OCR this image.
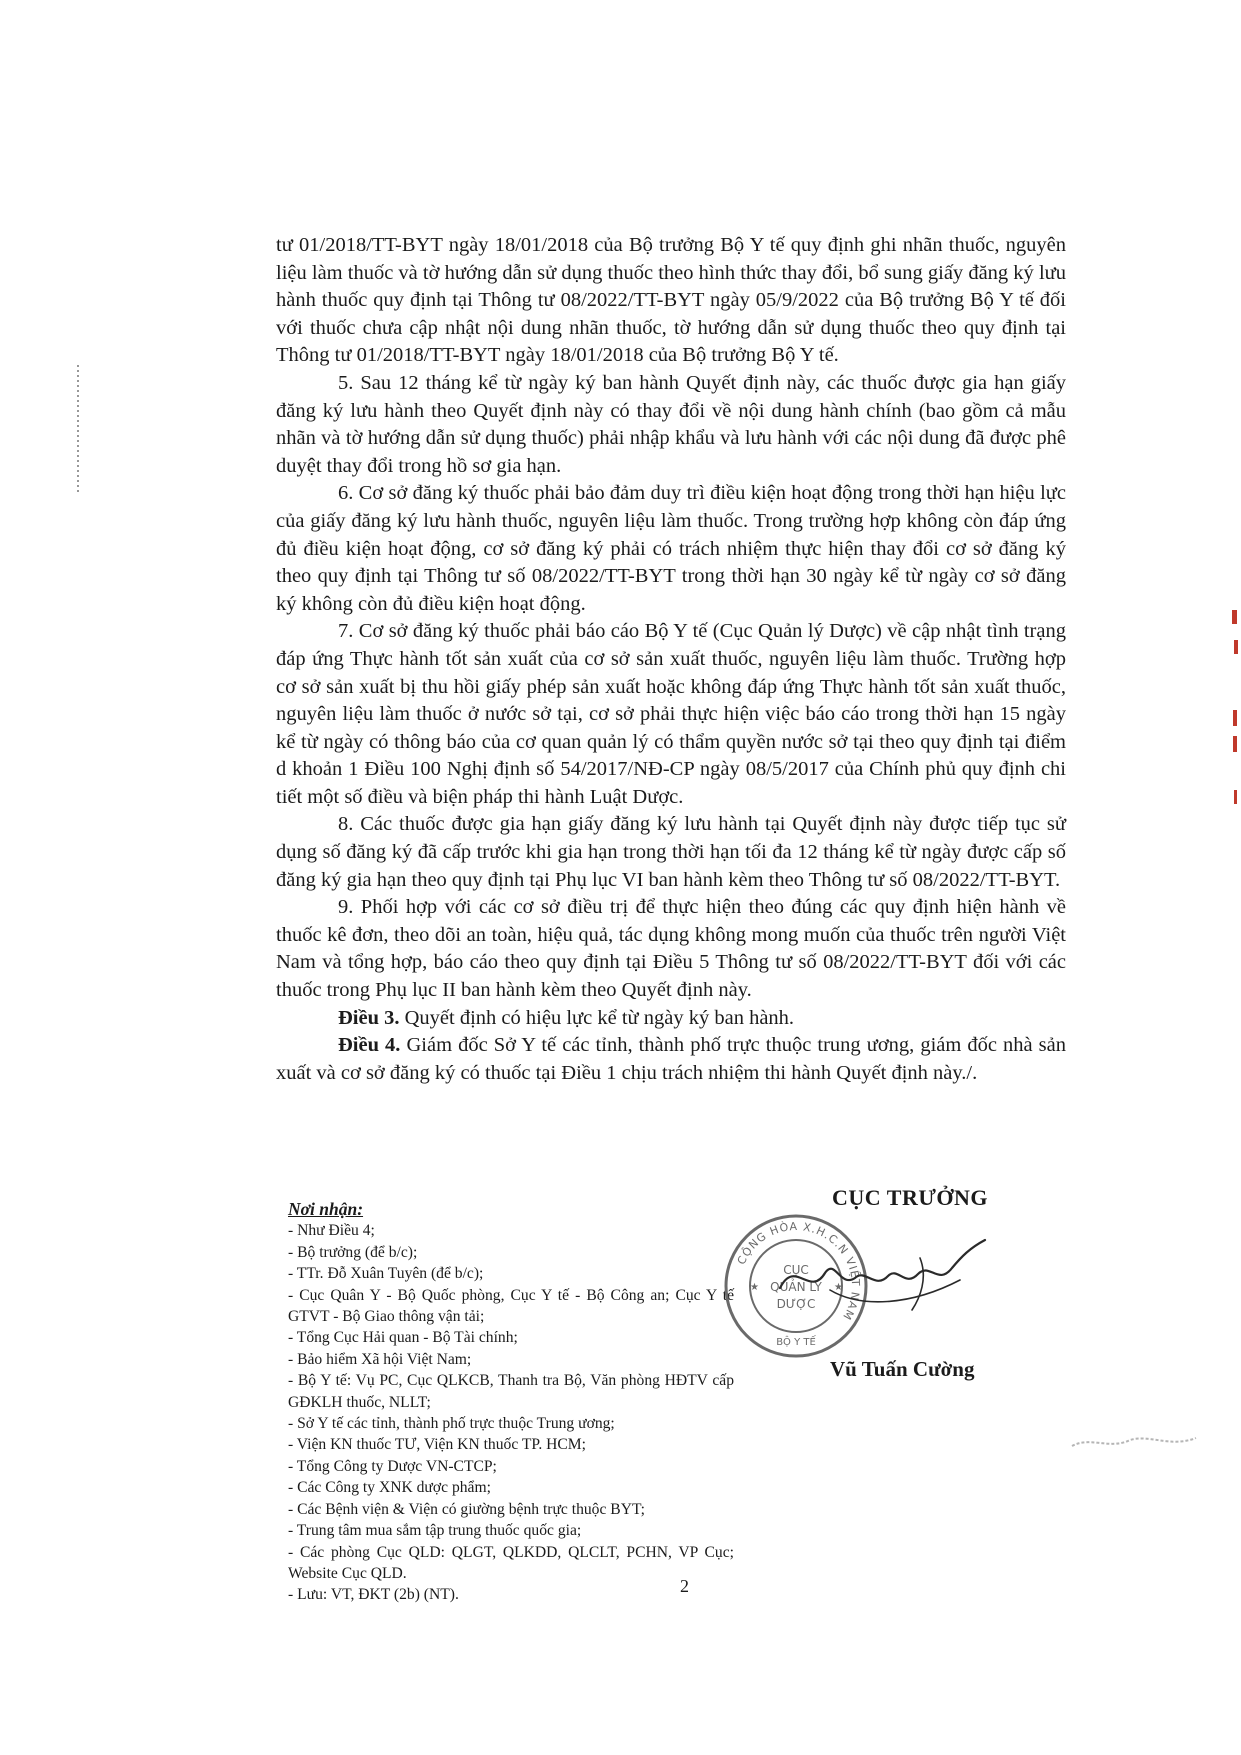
tư 01/2018/TT-BYT ngày 18/01/2018 của Bộ trưởng Bộ Y tế quy định ghi nhãn thuốc, nguyên liệu làm thuốc và tờ hướng dẫn sử dụng thuốc theo hình thức thay đổi, bổ sung giấy đăng ký lưu hành thuốc quy định tại Thông tư 08/2022/TT-BYT ngày 05/9/2022 của Bộ trưởng Bộ Y tế đối với thuốc chưa cập nhật nội dung nhãn thuốc, tờ hướng dẫn sử dụng thuốc theo quy định tại Thông tư 01/2018/TT-BYT ngày 18/01/2018 của Bộ trưởng Bộ Y tế.

5. Sau 12 tháng kể từ ngày ký ban hành Quyết định này, các thuốc được gia hạn giấy đăng ký lưu hành theo Quyết định này có thay đổi về nội dung hành chính (bao gồm cả mẫu nhãn và tờ hướng dẫn sử dụng thuốc) phải nhập khẩu và lưu hành với các nội dung đã được phê duyệt thay đổi trong hồ sơ gia hạn.

6. Cơ sở đăng ký thuốc phải bảo đảm duy trì điều kiện hoạt động trong thời hạn hiệu lực của giấy đăng ký lưu hành thuốc, nguyên liệu làm thuốc. Trong trường hợp không còn đáp ứng đủ điều kiện hoạt động, cơ sở đăng ký phải có trách nhiệm thực hiện thay đổi cơ sở đăng ký theo quy định tại Thông tư số 08/2022/TT-BYT trong thời hạn 30 ngày kể từ ngày cơ sở đăng ký không còn đủ điều kiện hoạt động.

7. Cơ sở đăng ký thuốc phải báo cáo Bộ Y tế (Cục Quản lý Dược) về cập nhật tình trạng đáp ứng Thực hành tốt sản xuất của cơ sở sản xuất thuốc, nguyên liệu làm thuốc. Trường hợp cơ sở sản xuất bị thu hồi giấy phép sản xuất hoặc không đáp ứng Thực hành tốt sản xuất thuốc, nguyên liệu làm thuốc ở nước sở tại, cơ sở phải thực hiện việc báo cáo trong thời hạn 15 ngày kể từ ngày có thông báo của cơ quan quản lý có thẩm quyền nước sở tại theo quy định tại điểm d khoản 1 Điều 100 Nghị định số 54/2017/NĐ-CP ngày 08/5/2017 của Chính phủ quy định chi tiết một số điều và biện pháp thi hành Luật Dược.

8. Các thuốc được gia hạn giấy đăng ký lưu hành tại Quyết định này được tiếp tục sử dụng số đăng ký đã cấp trước khi gia hạn trong thời hạn tối đa 12 tháng kể từ ngày được cấp số đăng ký gia hạn theo quy định tại Phụ lục VI ban hành kèm theo Thông tư số 08/2022/TT-BYT.

9. Phối hợp với các cơ sở điều trị để thực hiện theo đúng các quy định hiện hành về thuốc kê đơn, theo dõi an toàn, hiệu quả, tác dụng không mong muốn của thuốc trên người Việt Nam và tổng hợp, báo cáo theo quy định tại Điều 5 Thông tư số 08/2022/TT-BYT đối với các thuốc trong Phụ lục II ban hành kèm theo Quyết định này.

Điều 3. Quyết định có hiệu lực kể từ ngày ký ban hành.

Điều 4. Giám đốc Sở Y tế các tỉnh, thành phố trực thuộc trung ương, giám đốc nhà sản xuất và cơ sở đăng ký có thuốc tại Điều 1 chịu trách nhiệm thi hành Quyết định này./.

Nơi nhận:
- Như Điều 4;
- Bộ trưởng (để b/c);
- TTr. Đỗ Xuân Tuyên (để b/c);
- Cục Quân Y - Bộ Quốc phòng, Cục Y tế - Bộ Công an; Cục Y tế GTVT - Bộ Giao thông vận tải;
- Tổng Cục Hải quan - Bộ Tài chính;
- Bảo hiểm Xã hội Việt Nam;
- Bộ Y tế: Vụ PC, Cục QLKCB, Thanh tra Bộ, Văn phòng HĐTV cấp GĐKLH thuốc, NLLT;
- Sở Y tế các tỉnh, thành phố trực thuộc Trung ương;
- Viện KN thuốc TƯ, Viện KN thuốc TP. HCM;
- Tổng Công ty Dược VN-CTCP;
- Các Công ty XNK dược phẩm;
- Các Bệnh viện & Viện có giường bệnh trực thuộc BYT;
- Trung tâm mua sắm tập trung thuốc quốc gia;
- Các phòng Cục QLD: QLGT, QLKDD, QLCLT, PCHN, VP Cục; Website Cục QLD.
- Lưu: VT, ĐKT (2b) (NT).	2
CỘNG HÒA X.H.C.N VIỆT NAM
CỤC
QUẢN LÝ
DƯỢC
BỘ Y TẾ
★	★
CỤC TRƯỞNG
Vũ Tuấn Cường
